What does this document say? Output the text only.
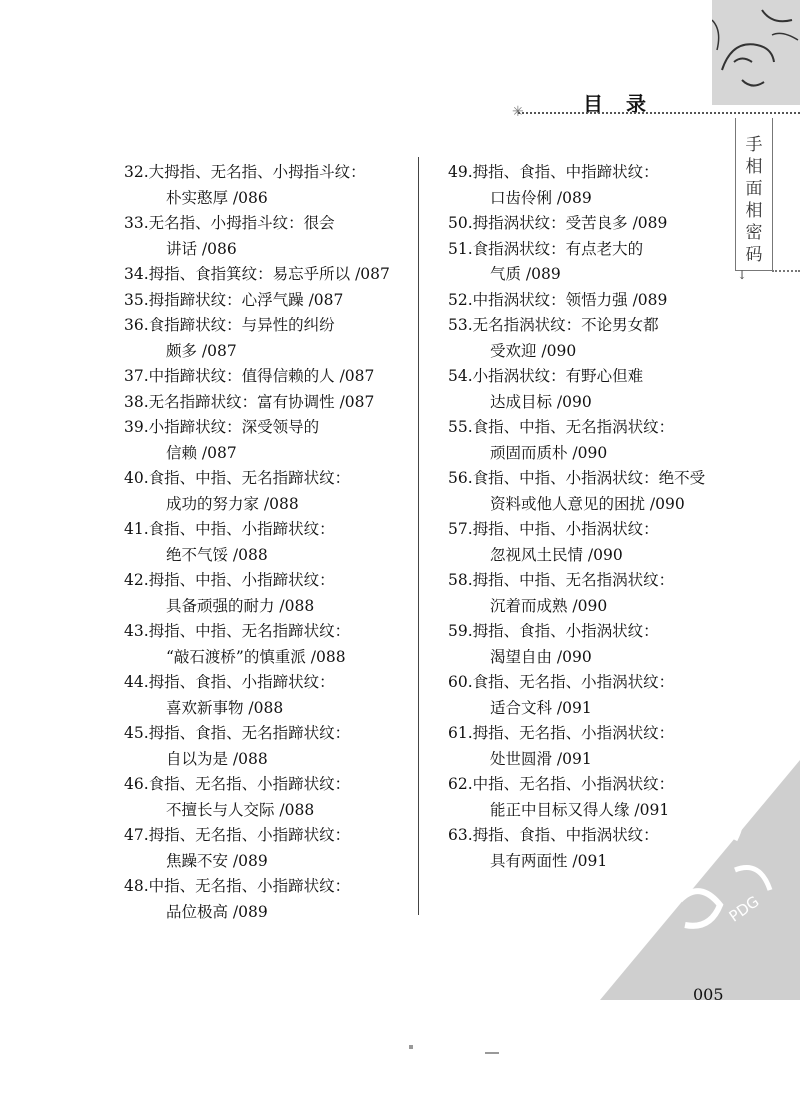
✳	目 录
手相面相密码
↓
32.大拇指、无名指、小拇指斗纹：
朴实憨厚 /086
33.无名指、小拇指斗纹：很会
讲话 /086
34.拇指、食指箕纹：易忘乎所以 /087
35.拇指蹄状纹：心浮气躁 /087
36.食指蹄状纹：与异性的纠纷
颇多 /087
37.中指蹄状纹：值得信赖的人 /087
38.无名指蹄状纹：富有协调性 /087
39.小指蹄状纹：深受领导的
信赖 /087
40.食指、中指、无名指蹄状纹：
成功的努力家 /088
41.食指、中指、小指蹄状纹：
绝不气馁 /088
42.拇指、中指、小指蹄状纹：
具备顽强的耐力 /088
43.拇指、中指、无名指蹄状纹：
“敲石渡桥”的慎重派 /088
44.拇指、食指、小指蹄状纹：
喜欢新事物 /088
45.拇指、食指、无名指蹄状纹：
自以为是 /088
46.食指、无名指、小指蹄状纹：
不擅长与人交际 /088
47.拇指、无名指、小指蹄状纹：
焦躁不安 /089
48.中指、无名指、小指蹄状纹：
品位极高 /089
49.拇指、食指、中指蹄状纹：
口齿伶俐 /089
50.拇指涡状纹：受苦良多 /089
51.食指涡状纹：有点老大的
气质 /089
52.中指涡状纹：领悟力强 /089
53.无名指涡状纹：不论男女都
受欢迎 /090
54.小指涡状纹：有野心但难
达成目标 /090
55.食指、中指、无名指涡状纹：
顽固而质朴 /090
56.食指、中指、小指涡状纹：绝不受
资料或他人意见的困扰 /090
57.拇指、中指、小指涡状纹：
忽视风土民情 /090
58.拇指、中指、无名指涡状纹：
沉着而成熟 /090
59.拇指、食指、小指涡状纹：
渴望自由 /090
60.食指、无名指、小指涡状纹：
适合文科 /091
61.拇指、无名指、小指涡状纹：
处世圆滑 /091
62.中指、无名指、小指涡状纹：
能正中目标又得人缘 /091
63.拇指、食指、中指涡状纹：
具有两面性 /091
PDG
005
